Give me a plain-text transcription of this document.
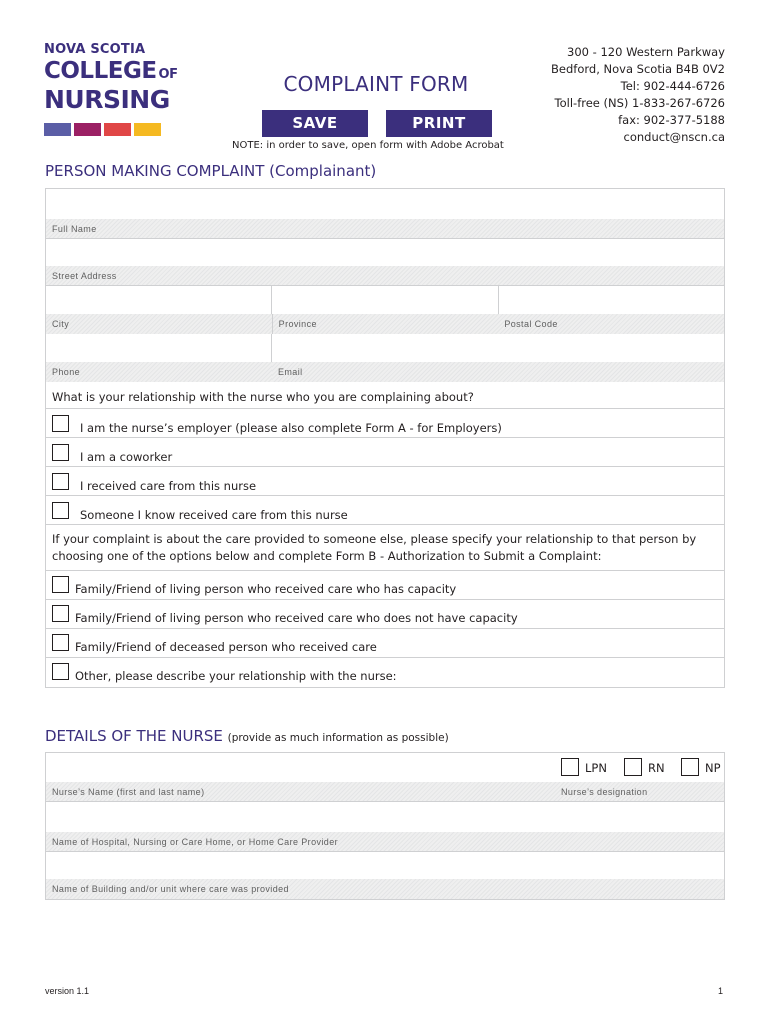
NOVA SCOTIA
COLLEGE OF
NURSING
COMPLAINT FORM
SAVE	PRINT
NOTE: in order to save, open form with Adobe Acrobat
300 - 120 Western Parkway
Bedford, Nova Scotia B4B 0V2
Tel: 902-444-6726
Toll-free (NS) 1-833-267-6726
fax: 902-377-5188
conduct@nscn.ca
PERSON MAKING COMPLAINT (Complainant)
Full Name
Street Address
City	Province	Postal Code
Phone	Email
What is your relationship with the nurse who you are complaining about?
I am the nurse’s employer (please also complete Form A - for Employers)
I am a coworker
I received care from this nurse
Someone I know received care from this nurse
If your complaint is about the care provided to someone else, please specify your relationship to that person by choosing one of the options below and complete Form B - Authorization to Submit a Complaint:
Family/Friend of living person who received care who has capacity
Family/Friend of living person who received care who does not have capacity
Family/Friend of deceased person who received care
Other, please describe your relationship with the nurse:
DETAILS OF THE NURSE (provide as much information as possible)
LPN	RN	NP
Nurse’s Name (first and last name)	Nurse’s designation
Name of Hospital, Nursing or Care Home, or Home Care Provider
Name of Building and/or unit where care was provided
version 1.1	1
